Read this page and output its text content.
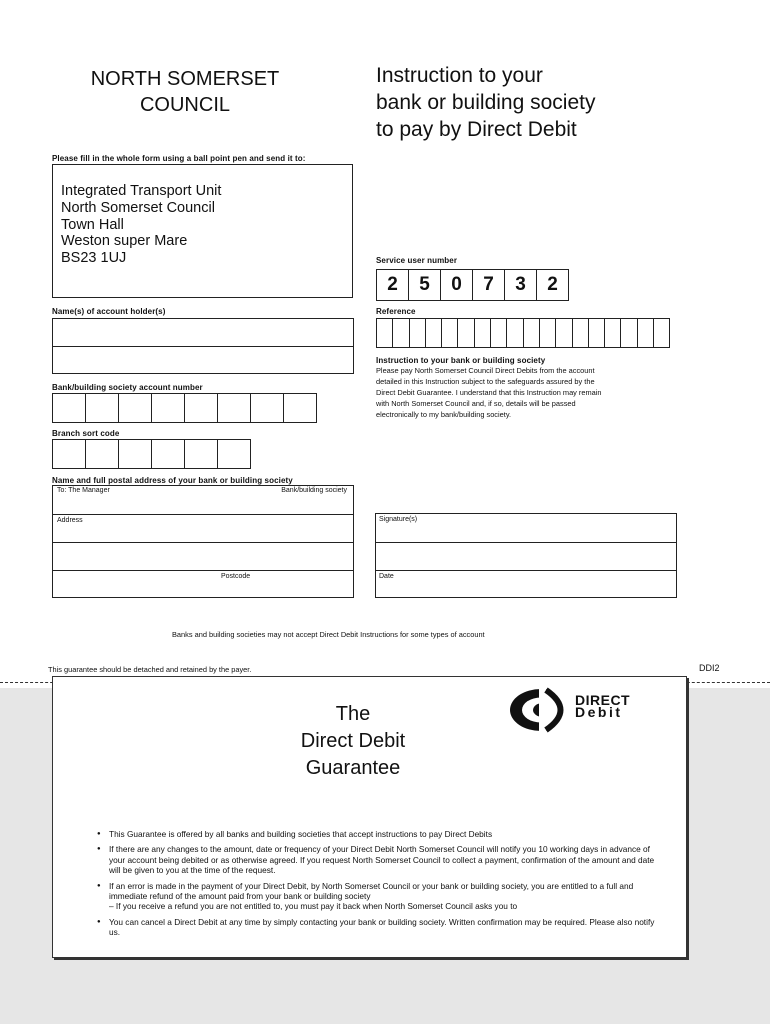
NORTH SOMERSET
COUNCIL
Instruction to your
bank or building society
to pay by Direct Debit
Please fill in the whole form using a ball point pen and send it to:
Integrated Transport Unit
North Somerset Council
Town Hall
Weston super Mare
BS23 1UJ	Service user number
2	5	0	7	3	2
Reference
Instruction to your bank or building society
Please pay North Somerset Council Direct Debits from the account
detailed in this Instruction subject to the safeguards assured by the
Direct Debit Guarantee. I understand that this Instruction may remain
with North Somerset Council and, if so, details will be passed
electronically to my bank/building society.
Name(s) of account holder(s)
Bank/building society account number
Branch sort code
Name and full postal address of your bank or building society
To: The Manager	Bank/building society
Address
Postcode
Signature(s)
Date
Banks and building societies may not accept Direct Debit Instructions for some types of account
This guarantee should be detached and retained by the payer.	DDI2
The
Direct Debit
Guarantee
DIRECT
Debit
● This Guarantee is offered by all banks and building societies that accept instructions to pay Direct Debits
● If there are any changes to the amount, date or frequency of your Direct Debit North Somerset Council will notify you 10 working days in advance of your account being debited or as otherwise agreed. If you request North Somerset Council to collect a payment, confirmation of the amount and date will be given to you at the time of the request.
● If an error is made in the payment of your Direct Debit, by North Somerset Council or your bank or building society, you are entitled to a full and immediate refund of the amount paid from your bank or building society
– If you receive a refund you are not entitled to, you must pay it back when North Somerset Council asks you to
● You can cancel a Direct Debit at any time by simply contacting your bank or building society. Written confirmation may be required. Please also notify us.
